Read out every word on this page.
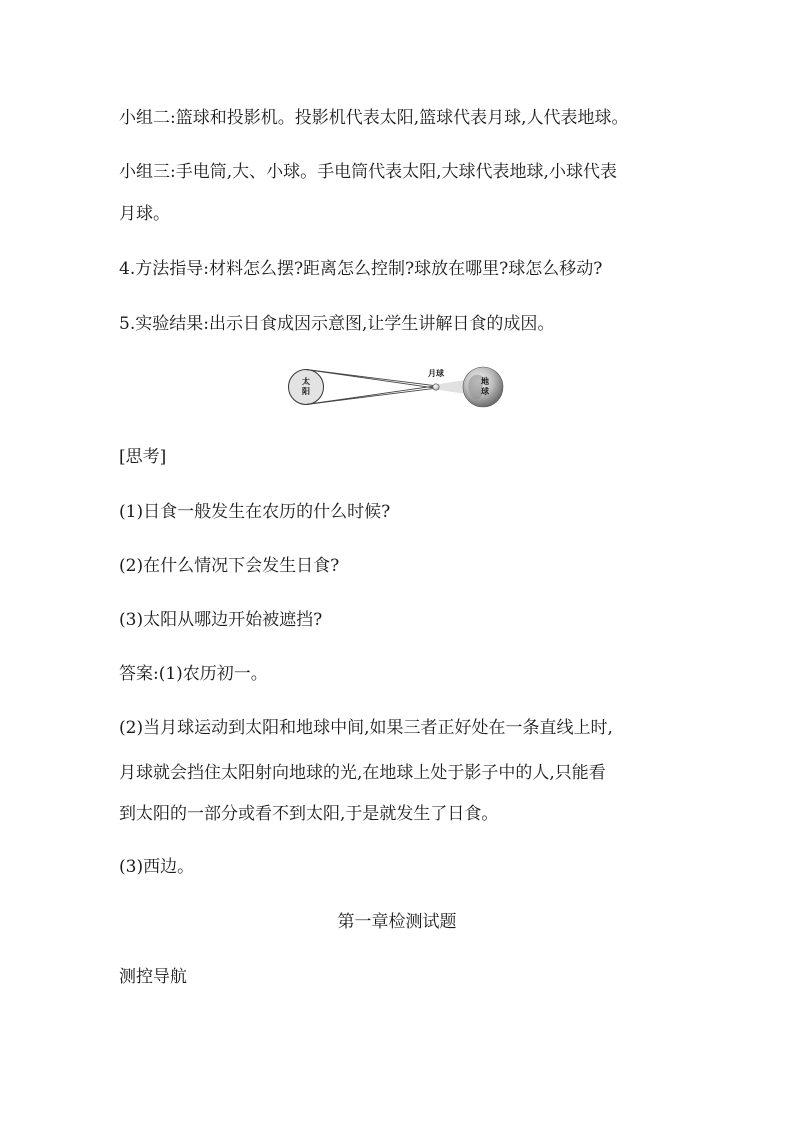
小组二:篮球和投影机。投影机代表太阳,篮球代表月球,人代表地球。
小组三:手电筒,大、小球。手电筒代表太阳,大球代表地球,小球代表
月球。
4.方法指导:材料怎么摆?距离怎么控制?球放在哪里?球怎么移动?
5.实验结果:出示日食成因示意图,让学生讲解日食的成因。
太
阳
月球
地
球
[思考]
(1)日食一般发生在农历的什么时候?
(2)在什么情况下会发生日食?
(3)太阳从哪边开始被遮挡?
答案:(1)农历初一。
(2)当月球运动到太阳和地球中间,如果三者正好处在一条直线上时,
月球就会挡住太阳射向地球的光,在地球上处于影子中的人,只能看
到太阳的一部分或看不到太阳,于是就发生了日食。
(3)西边。
第一章检测试题
测控导航
